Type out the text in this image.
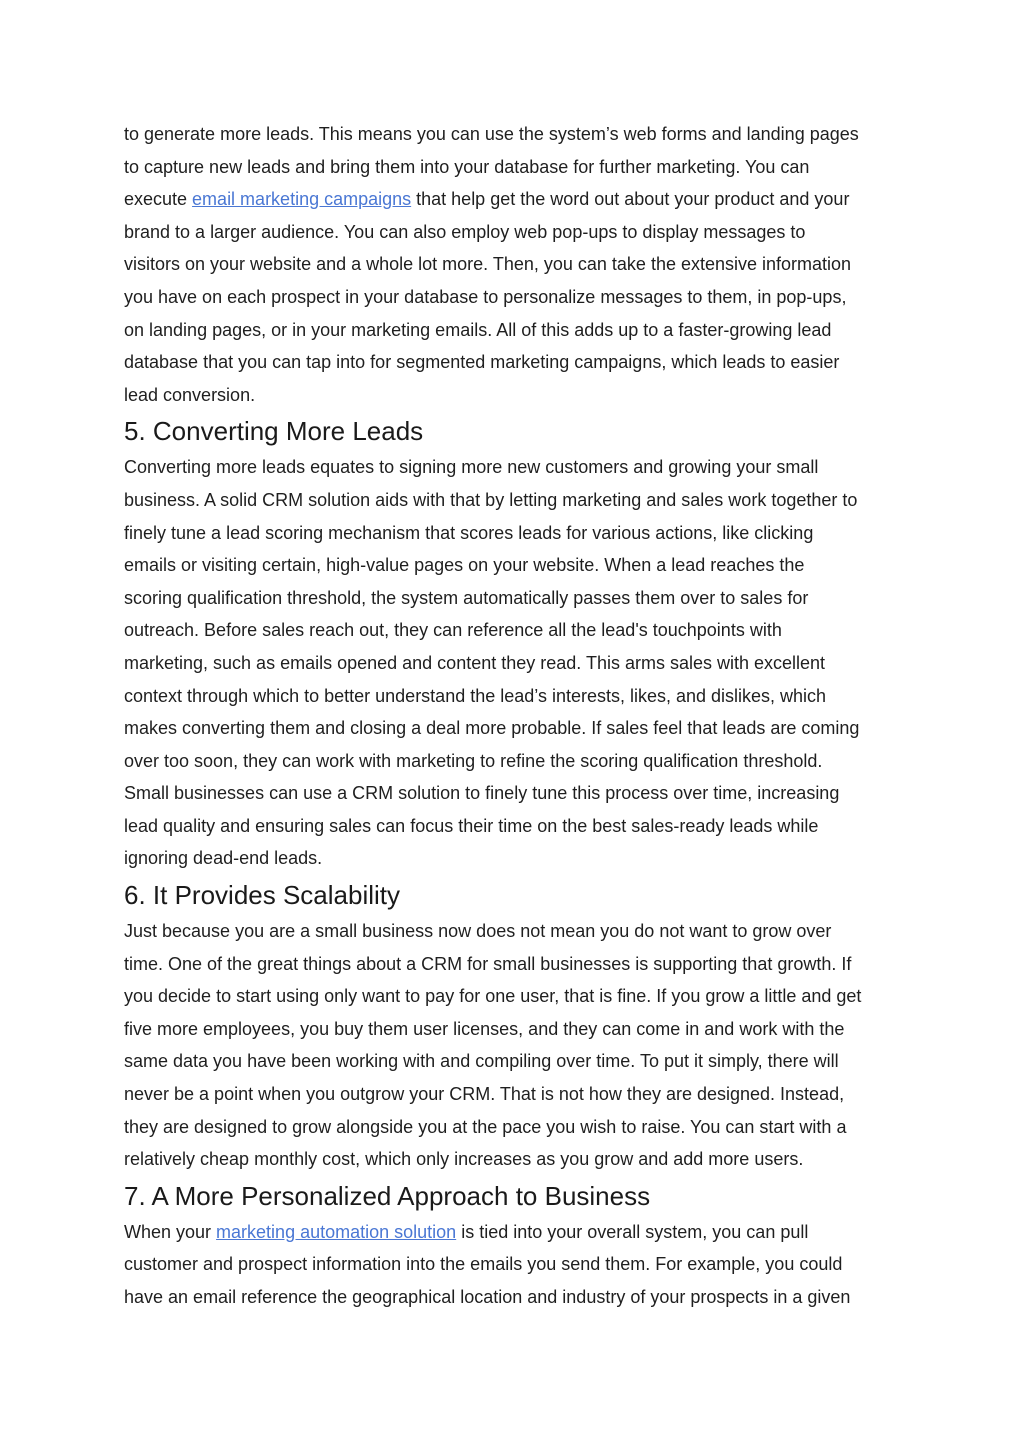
to generate more leads. This means you can use the system’s web forms and landing pages
to capture new leads and bring them into your database for further marketing. You can
execute email marketing campaigns that help get the word out about your product and your
brand to a larger audience. You can also employ web pop-ups to display messages to
visitors on your website and a whole lot more. Then, you can take the extensive information
you have on each prospect in your database to personalize messages to them, in pop-ups,
on landing pages, or in your marketing emails. All of this adds up to a faster-growing lead
database that you can tap into for segmented marketing campaigns, which leads to easier
lead conversion.

5. Converting More Leads

Converting more leads equates to signing more new customers and growing your small
business. A solid CRM solution aids with that by letting marketing and sales work together to
finely tune a lead scoring mechanism that scores leads for various actions, like clicking
emails or visiting certain, high-value pages on your website. When a lead reaches the
scoring qualification threshold, the system automatically passes them over to sales for
outreach. Before sales reach out, they can reference all the lead's touchpoints with
marketing, such as emails opened and content they read. This arms sales with excellent
context through which to better understand the lead’s interests, likes, and dislikes, which
makes converting them and closing a deal more probable. If sales feel that leads are coming
over too soon, they can work with marketing to refine the scoring qualification threshold.
Small businesses can use a CRM solution to finely tune this process over time, increasing
lead quality and ensuring sales can focus their time on the best sales-ready leads while
ignoring dead-end leads.

6. It Provides Scalability

Just because you are a small business now does not mean you do not want to grow over
time. One of the great things about a CRM for small businesses is supporting that growth. If
you decide to start using only want to pay for one user, that is fine. If you grow a little and get
five more employees, you buy them user licenses, and they can come in and work with the
same data you have been working with and compiling over time. To put it simply, there will
never be a point when you outgrow your CRM. That is not how they are designed. Instead,
they are designed to grow alongside you at the pace you wish to raise. You can start with a
relatively cheap monthly cost, which only increases as you grow and add more users.

7. A More Personalized Approach to Business

When your marketing automation solution is tied into your overall system, you can pull
customer and prospect information into the emails you send them. For example, you could
have an email reference the geographical location and industry of your prospects in a given
